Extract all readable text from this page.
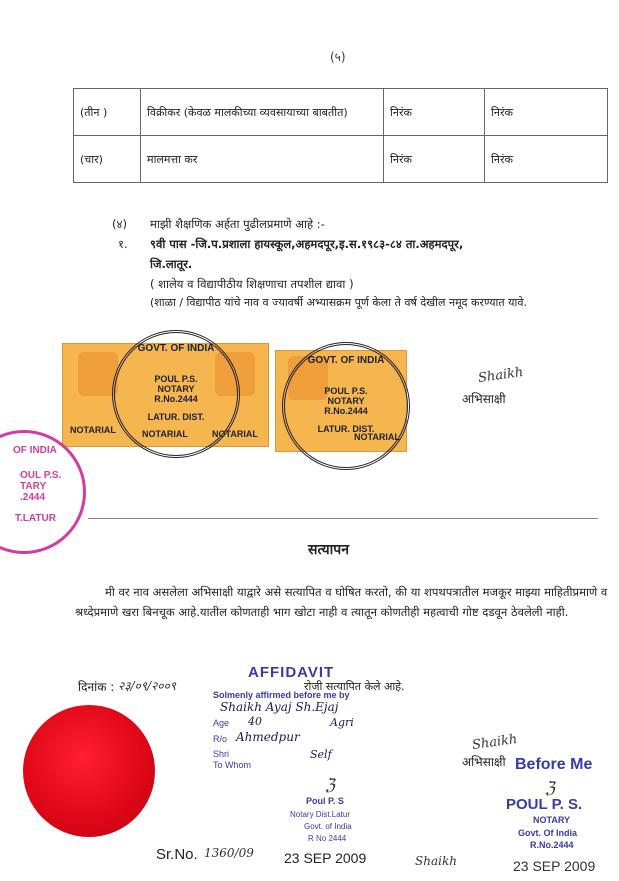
(५)
(तीन )	विक्रीकर (केवळ मालकीच्या व्यवसायाच्या बाबतीत)	निरंक	निरंक
(चार)	मालमत्ता कर	निरंक	निरंक
(४) माझी शैक्षणिक अर्हता पुढीलप्रमाणे आहे :-
१. ९वी पास -जि.प.प्रशाला हायस्कूल,अहमदपूर,इ.स.१९८३-८४ ता.अहमदपूर,
जि.लातूर.
( शालेय व विद्यापीठीय शिक्षणाचा तपशील द्यावा )
(शाळा / विद्यापीठ यांचे नाव व ज्यावर्षी अभ्यासक्रम पूर्ण केला ते वर्ष देखील नमूद करण्यात यावे.
NOTARIAL	NOTARIAL	NOTARIAL	NOTARIAL
GOVT. OF INDIA
POUL P.S.
NOTARY
R.No.2444
LATUR. DIST.
GOVT. OF INDIA
POUL P.S.
NOTARY
R.No.2444
LATUR. DIST.
OF INDIA
OUL P.S.
TARY
.2444
T.LATUR
Shaikh
अभिसाक्षी
सत्यापन
मी वर नाव असलेला अभिसाक्षी याद्वारे असे सत्यापित व घोषित करतो, की या शपथपत्रातील मजकूर माझ्या माहितीप्रमाणे व श्रध्देप्रमाणे खरा बिनचूक आहे.यातील कोणताही भाग खोटा नाही व त्यातून कोणतीही महत्वाची गोष्ट दडवून ठेवलेली नाही.
दिनांक : २३/०९/२००९	रोजी सत्यापित केले आहे.
AFFIDAVIT
Solmenly affirmed before me by
Shaikh Ayaj Sh.Ejaj
Age 40	Agri
R/o Ahmedpur
Shri	Self
To Whom
ℨ
Poul P. S
Notary Dist.Latur
Govt. of India
R No 2444
Sr.No. 1360/09 23 SEP 2009	Shaikh
Shaikh
अभिसाक्षी Before Me
ℨ
POUL P. S.
NOTARY
Govt. Of India
R.No.2444
23 SEP 2009
